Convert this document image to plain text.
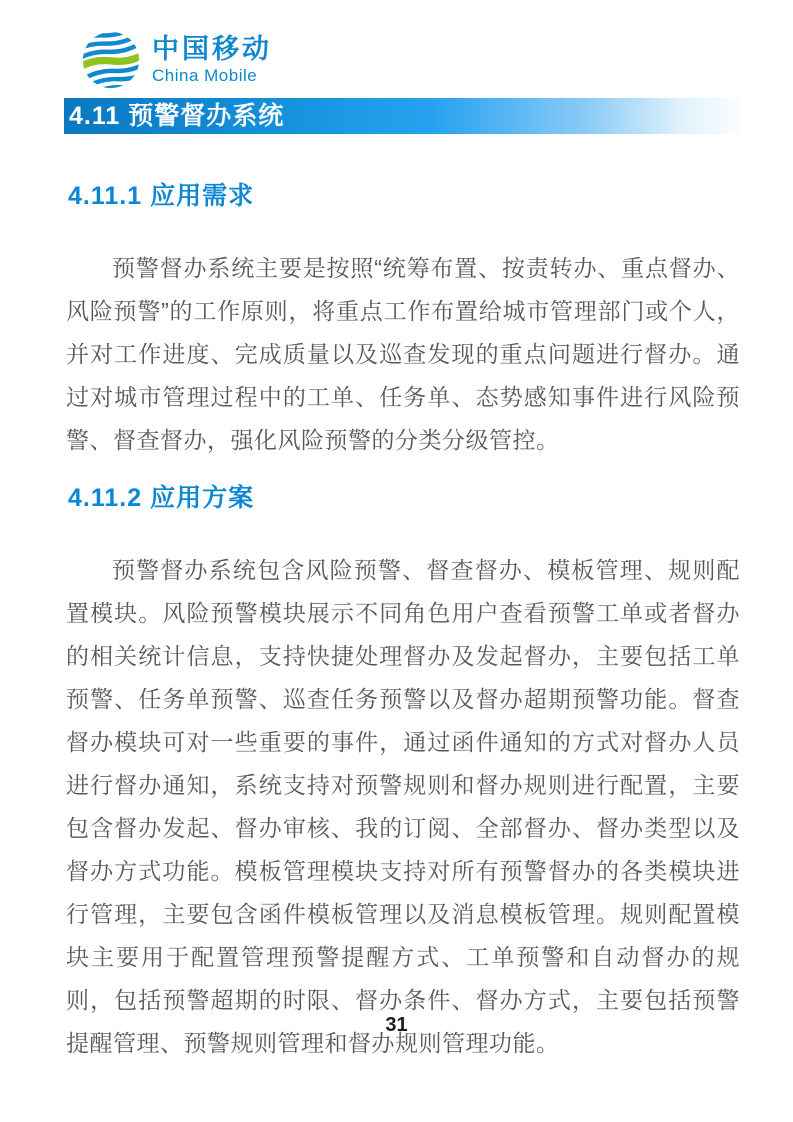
中国移动
China Mobile
4.11 预警督办系统
4.11.1 应用需求

预警督办系统主要是按照“统筹布置、按责转办、重点督办、风险预警”的工作原则，将重点工作布置给城市管理部门或个人，并对工作进度、完成质量以及巡查发现的重点问题进行督办。通过对城市管理过程中的工单、任务单、态势感知事件进行风险预警、督查督办，强化风险预警的分类分级管控。

4.11.2 应用方案

预警督办系统包含风险预警、督查督办、模板管理、规则配置模块。风险预警模块展示不同角色用户查看预警工单或者督办的相关统计信息，支持快捷处理督办及发起督办，主要包括工单预警、任务单预警、巡查任务预警以及督办超期预警功能。督查督办模块可对一些重要的事件，通过函件通知的方式对督办人员进行督办通知，系统支持对预警规则和督办规则进行配置，主要包含督办发起、督办审核、我的订阅、全部督办、督办类型以及督办方式功能。模板管理模块支持对所有预警督办的各类模块进行管理，主要包含函件模板管理以及消息模板管理。规则配置模块主要用于配置管理预警提醒方式、工单预警和自动督办的规则，包括预警超期的时限、督办条件、督办方式，主要包括预警提醒管理、预警规则管理和督办规则管理功能。

31
